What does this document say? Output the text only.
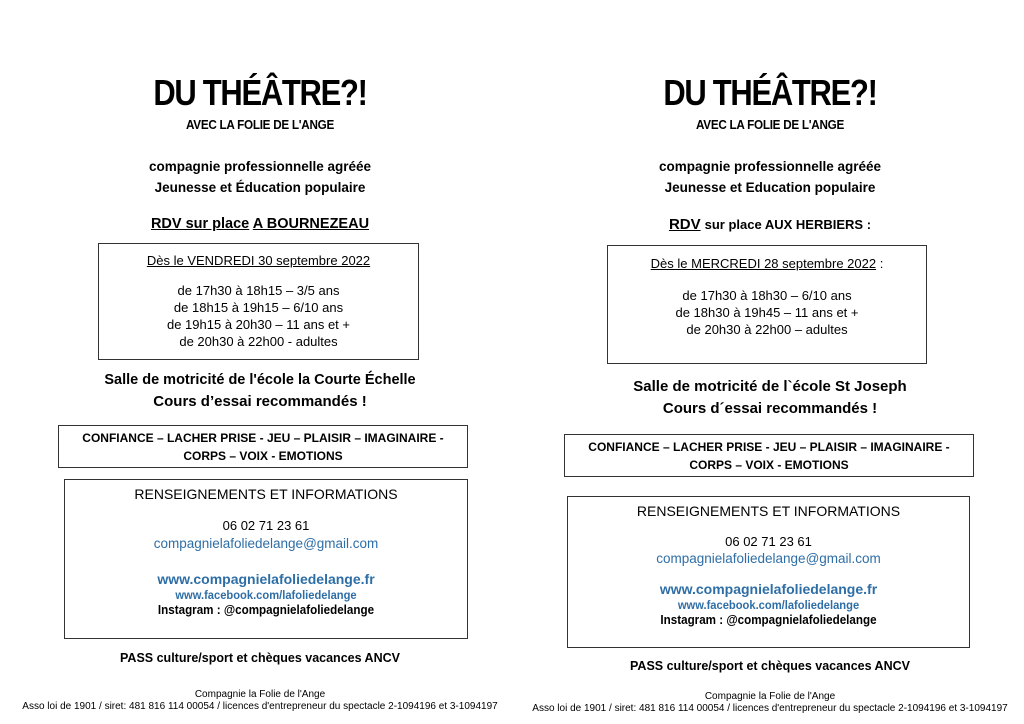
DU THÉÂTRE?!
AVEC LA FOLIE DE L'ANGE
compagnie professionnelle agréée
Jeunesse et Éducation populaire
RDV sur place A BOURNEZEAU
Dès le VENDREDI 30 septembre 2022
de 17h30 à 18h15 – 3/5 ans
de 18h15 à 19h15 – 6/10 ans
de 19h15 à 20h30 – 11 ans et +
de 20h30 à 22h00 - adultes
Salle de motricité de l'école la Courte Échelle
Cours d’essai recommandés !
CONFIANCE – LACHER PRISE - JEU – PLAISIR – IMAGINAIRE -
CORPS – VOIX - EMOTIONS
RENSEIGNEMENTS ET INFORMATIONS
06 02 71 23 61
compagnielafoliedelange@gmail.com
www.compagnielafoliedelange.fr
www.facebook.com/lafoliedelange
Instagram : @compagnielafoliedelange
PASS culture/sport et chèques vacances ANCV
Compagnie la Folie de l'Ange
Asso loi de 1901 / siret: 481 816 114 00054 / licences d'entrepreneur du spectacle 2-1094196 et 3-1094197
DU THÉÂTRE?!
AVEC LA FOLIE DE L'ANGE
compagnie professionnelle agréée
Jeunesse et Education populaire
RDV sur place AUX HERBIERS :
Dès le MERCREDI 28 septembre 2022 :
de 17h30 à 18h30 – 6/10 ans
de 18h30 à 19h45 – 11 ans et +
de 20h30 à 22h00 – adultes
Salle de motricité de l`école St Joseph
Cours d´essai recommandés !
CONFIANCE – LACHER PRISE - JEU – PLAISIR – IMAGINAIRE -
CORPS – VOIX - EMOTIONS
RENSEIGNEMENTS ET INFORMATIONS
06 02 71 23 61
compagnielafoliedelange@gmail.com
www.compagnielafoliedelange.fr
www.facebook.com/lafoliedelange
Instagram : @compagnielafoliedelange
PASS culture/sport et chèques vacances ANCV
Compagnie la Folie de l'Ange
Asso loi de 1901 / siret: 481 816 114 00054 / licences d'entrepreneur du spectacle 2-1094196 et 3-1094197
